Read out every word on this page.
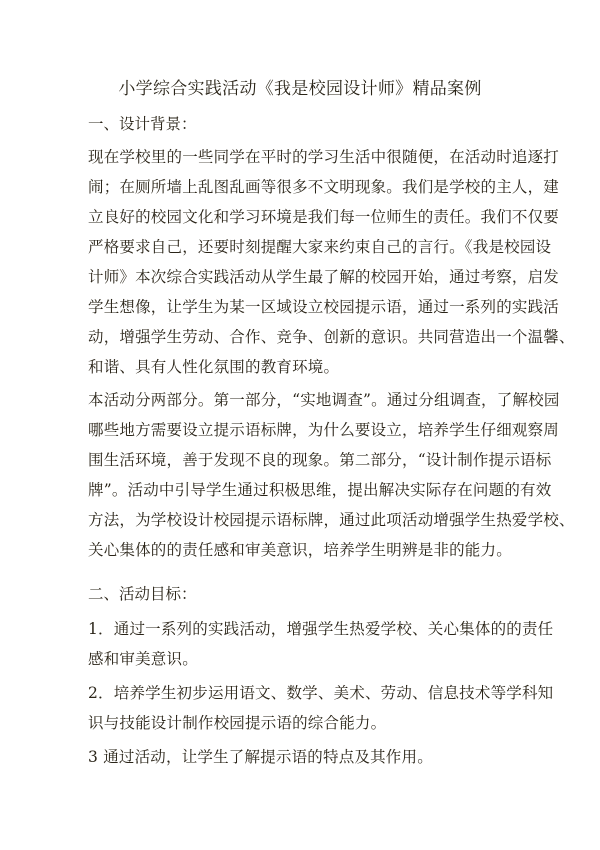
小学综合实践活动《我是校园设计师》精品案例
一、设计背景：
现在学校里的一些同学在平时的学习生活中很随便，在活动时追逐打
闹；在厕所墙上乱图乱画等很多不文明现象。我们是学校的主人，建
立良好的校园文化和学习环境是我们每一位师生的责任。我们不仅要
严格要求自己，还要时刻提醒大家来约束自己的言行。《我是校园设
计师》本次综合实践活动从学生最了解的校园开始，通过考察，启发
学生想像，让学生为某一区域设立校园提示语，通过一系列的实践活
动，增强学生劳动、合作、竞争、创新的意识。共同营造出一个温馨、
和谐、具有人性化氛围的教育环境。
本活动分两部分。第一部分，“实地调查”。通过分组调查，了解校园
哪些地方需要设立提示语标牌，为什么要设立，培养学生仔细观察周
围生活环境，善于发现不良的现象。第二部分，“设计制作提示语标
牌”。活动中引导学生通过积极思维，提出解决实际存在问题的有效
方法，为学校设计校园提示语标牌，通过此项活动增强学生热爱学校、
关心集体的的责任感和审美意识，培养学生明辨是非的能力。
二、活动目标：
1．通过一系列的实践活动，增强学生热爱学校、关心集体的的责任
感和审美意识。
2．培养学生初步运用语文、数学、美术、劳动、信息技术等学科知
识与技能设计制作校园提示语的综合能力。
3 通过活动，让学生了解提示语的特点及其作用。
